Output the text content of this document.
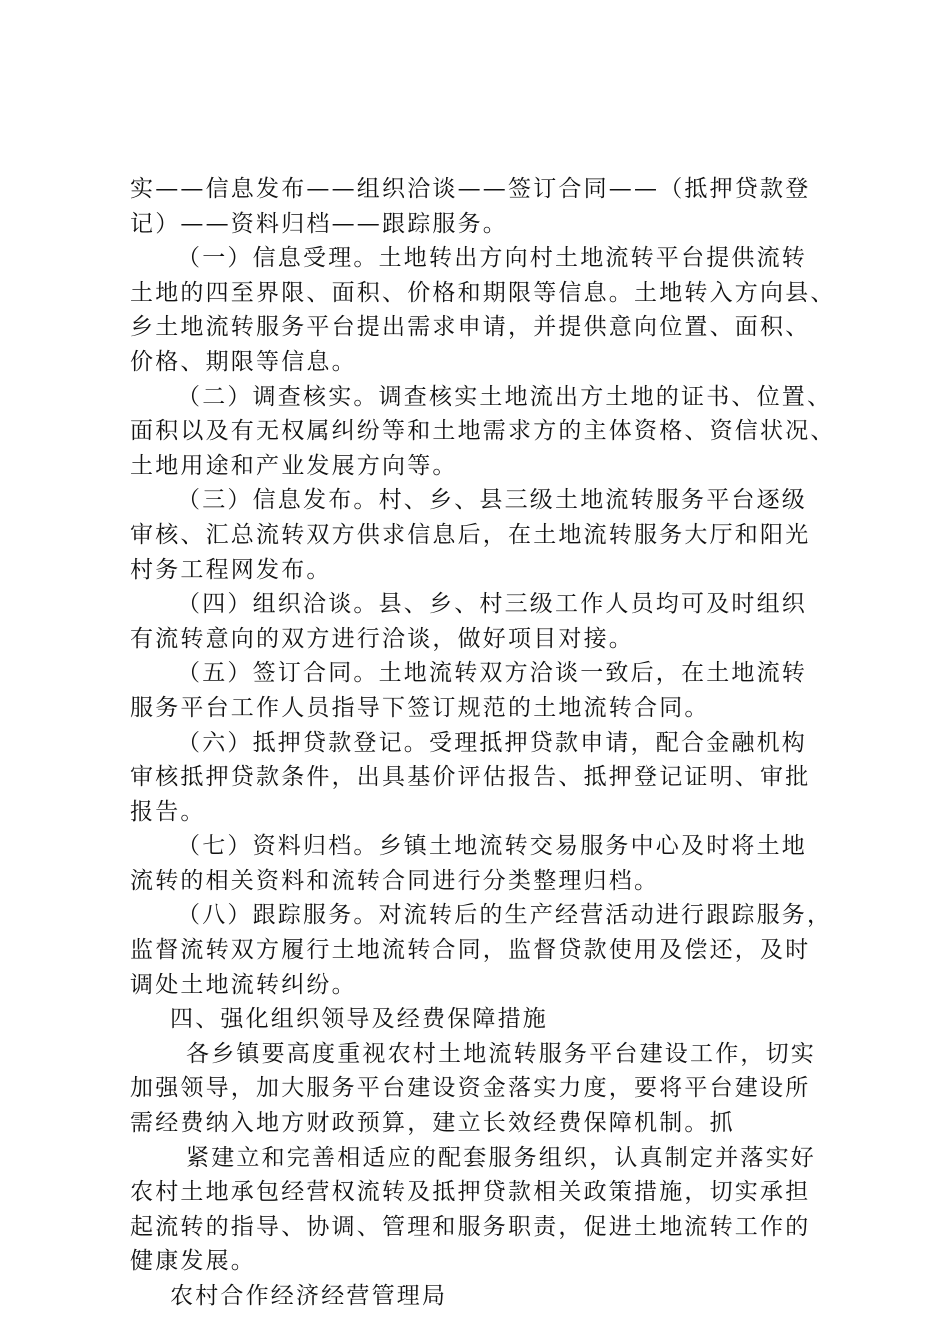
实——信息发布——组织洽谈——签订合同——（抵押贷款登
记）——资料归档——跟踪服务。
（一）信息受理。土地转出方向村土地流转平台提供流转
土地的四至界限、面积、价格和期限等信息。土地转入方向县、
乡土地流转服务平台提出需求申请，并提供意向位置、面积、
价格、期限等信息。
（二）调查核实。调查核实土地流出方土地的证书、位置、
面积以及有无权属纠纷等和土地需求方的主体资格、资信状况、
土地用途和产业发展方向等。
（三）信息发布。村、乡、县三级土地流转服务平台逐级
审核、汇总流转双方供求信息后，在土地流转服务大厅和阳光
村务工程网发布。
（四）组织洽谈。县、乡、村三级工作人员均可及时组织
有流转意向的双方进行洽谈，做好项目对接。
（五）签订合同。土地流转双方洽谈一致后，在土地流转
服务平台工作人员指导下签订规范的土地流转合同。
（六）抵押贷款登记。受理抵押贷款申请，配合金融机构
审核抵押贷款条件，出具基价评估报告、抵押登记证明、审批
报告。
（七）资料归档。乡镇土地流转交易服务中心及时将土地
流转的相关资料和流转合同进行分类整理归档。
（八）跟踪服务。对流转后的生产经营活动进行跟踪服务，
监督流转双方履行土地流转合同，监督贷款使用及偿还，及时
调处土地流转纠纷。
四、强化组织领导及经费保障措施
各乡镇要高度重视农村土地流转服务平台建设工作，切实
加强领导，加大服务平台建设资金落实力度，要将平台建设所
需经费纳入地方财政预算，建立长效经费保障机制。抓
紧建立和完善相适应的配套服务组织，认真制定并落实好
农村土地承包经营权流转及抵押贷款相关政策措施，切实承担
起流转的指导、协调、管理和服务职责，促进土地流转工作的
健康发展。
农村合作经济经营管理局
